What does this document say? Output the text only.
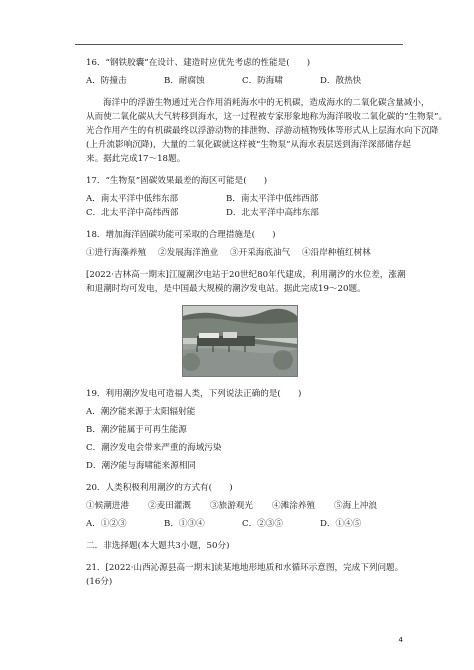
16．“钢铁胶囊”在设计、建造时应优先考虑的性能是(　　)
A．防撞击	B．耐腐蚀	C．防海啸	D．散热快
海洋中的浮游生物通过光合作用消耗海水中的无机碳，造成海水的二氧化碳含量减小，
从而使二氧化碳从大气转移到海水，这一过程被专家形象地称为海洋吸收二氧化碳的“生物泵”。
光合作用产生的有机碳最终以浮游动物的排泄物、浮游动植物残体等形式从上层海水向下沉降
(上升流影响沉降)，大量的二氧化碳就这样被“生物泵”从海水表层送到海洋深部储存起
来。据此完成17～18题。
17．“生物泵”固碳效果最差的海区可能是(　　)
A．南太平洋中低纬东部	B．南太平洋中低纬西部
C．北太平洋中高纬西部	D．北太平洋中高纬东部
18．增加海洋固碳功能可采取的合理措施是(　　)
①进行海藻养殖	②发展海洋渔业	③开采海底油气	④沿岸种植红树林
[2022·吉林高一期末]江厦潮汐电站于20世纪80年代建成，利用潮汐的水位差，涨潮
和退潮时均可发电，是中国最大规模的潮汐发电站。据此完成19～20题。
19．利用潮汐发电可造福人类，下列说法正确的是(　　)
A．潮汐能来源于太阳辐射能
B．潮汐能属于可再生能源
C．潮汐发电会带来严重的海域污染
D．潮汐能与海啸能来源相同
20．人类积极利用潮汐的方式有(　　)
①候潮进港	②麦田灌溉	③旅游观光	④滩涂养殖	⑤海上冲浪
A．①②③	B．①③④	C．②③⑤	D．①④⑤
二．非选择题(本大题共3小题，50分)
21．[2022·山西沁源县高一期末]读某地地形地质和水循环示意图，完成下列问题。
(16分)
4
